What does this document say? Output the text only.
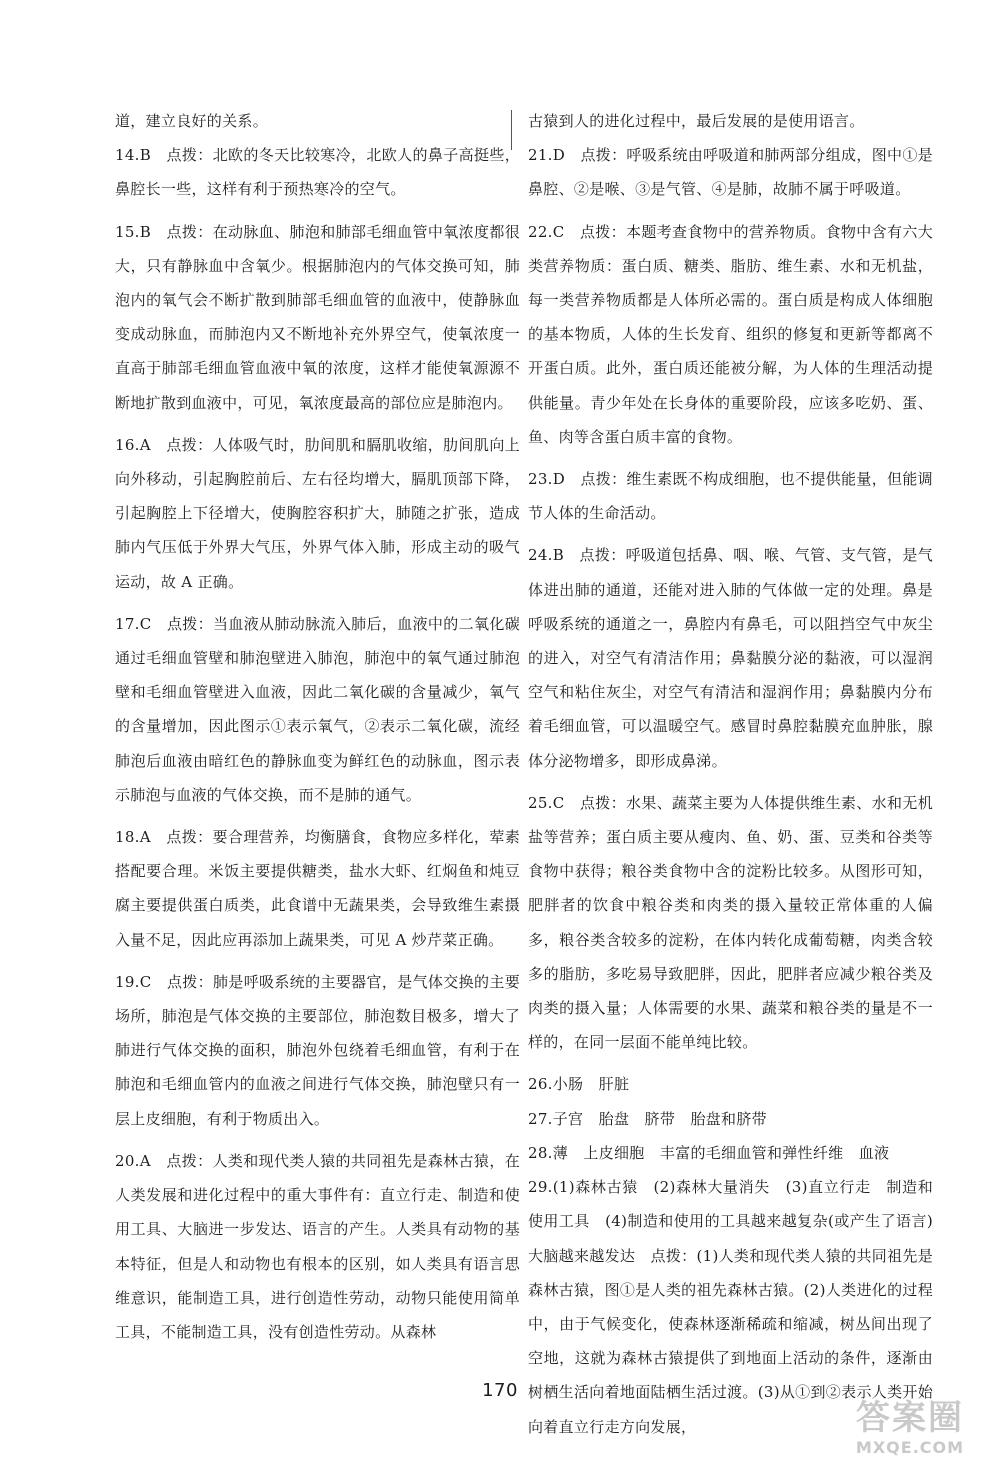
道，建立良好的关系。

14.B　点拨：北欧的冬天比较寒冷，北欧人的鼻子高挺些，鼻腔长一些，这样有利于预热寒冷的空气。

15.B　点拨：在动脉血、肺泡和肺部毛细血管中氧浓度都很大，只有静脉血中含氧少。根据肺泡内的气体交换可知，肺泡内的氧气会不断扩散到肺部毛细血管的血液中，使静脉血变成动脉血，而肺泡内又不断地补充外界空气，使氧浓度一直高于肺部毛细血管血液中氧的浓度，这样才能使氧源源不断地扩散到血液中，可见，氧浓度最高的部位应是肺泡内。

16.A　点拨：人体吸气时，肋间肌和膈肌收缩，肋间肌向上向外移动，引起胸腔前后、左右径均增大，膈肌顶部下降，引起胸腔上下径增大，使胸腔容积扩大，肺随之扩张，造成肺内气压低于外界大气压，外界气体入肺，形成主动的吸气运动，故 A 正确。

17.C　点拨：当血液从肺动脉流入肺后，血液中的二氧化碳通过毛细血管壁和肺泡壁进入肺泡，肺泡中的氧气通过肺泡壁和毛细血管壁进入血液，因此二氧化碳的含量减少，氧气的含量增加，因此图示①表示氧气，②表示二氧化碳，流经肺泡后血液由暗红色的静脉血变为鲜红色的动脉血，图示表示肺泡与血液的气体交换，而不是肺的通气。

18.A　点拨：要合理营养，均衡膳食，食物应多样化，荤素搭配要合理。米饭主要提供糖类，盐水大虾、红焖鱼和炖豆腐主要提供蛋白质类，此食谱中无蔬果类，会导致维生素摄入量不足，因此应再添加上蔬果类，可见 A 炒芹菜正确。

19.C　点拨：肺是呼吸系统的主要器官，是气体交换的主要场所，肺泡是气体交换的主要部位，肺泡数目极多，增大了肺进行气体交换的面积，肺泡外包绕着毛细血管，有利于在肺泡和毛细血管内的血液之间进行气体交换，肺泡壁只有一层上皮细胞，有利于物质出入。

20.A　点拨：人类和现代类人猿的共同祖先是森林古猿，在人类发展和进化过程中的重大事件有：直立行走、制造和使用工具、大脑进一步发达、语言的产生。人类具有动物的基本特征，但是人和动物也有根本的区别，如人类具有语言思维意识，能制造工具，进行创造性劳动，动物只能使用简单工具，不能制造工具，没有创造性劳动。从森林

古猿到人的进化过程中，最后发展的是使用语言。

21.D　点拨：呼吸系统由呼吸道和肺两部分组成，图中①是鼻腔、②是喉、③是气管、④是肺，故肺不属于呼吸道。

22.C　点拨：本题考查食物中的营养物质。食物中含有六大类营养物质：蛋白质、糖类、脂肪、维生素、水和无机盐，每一类营养物质都是人体所必需的。蛋白质是构成人体细胞的基本物质，人体的生长发育、组织的修复和更新等都离不开蛋白质。此外，蛋白质还能被分解，为人体的生理活动提供能量。青少年处在长身体的重要阶段，应该多吃奶、蛋、鱼、肉等含蛋白质丰富的食物。

23.D　点拨：维生素既不构成细胞，也不提供能量，但能调节人体的生命活动。

24.B　点拨：呼吸道包括鼻、咽、喉、气管、支气管，是气体进出肺的通道，还能对进入肺的气体做一定的处理。鼻是呼吸系统的通道之一，鼻腔内有鼻毛，可以阻挡空气中灰尘的进入，对空气有清洁作用；鼻黏膜分泌的黏液，可以湿润空气和粘住灰尘，对空气有清洁和湿润作用；鼻黏膜内分布着毛细血管，可以温暖空气。感冒时鼻腔黏膜充血肿胀，腺体分泌物增多，即形成鼻涕。

25.C　点拨：水果、蔬菜主要为人体提供维生素、水和无机盐等营养；蛋白质主要从瘦肉、鱼、奶、蛋、豆类和谷类等食物中获得；粮谷类食物中含的淀粉比较多。从图形可知，肥胖者的饮食中粮谷类和肉类的摄入量较正常体重的人偏多，粮谷类含较多的淀粉，在体内转化成葡萄糖，肉类含较多的脂肪，多吃易导致肥胖，因此，肥胖者应减少粮谷类及肉类的摄入量；人体需要的水果、蔬菜和粮谷类的量是不一样的，在同一层面不能单纯比较。

26.小肠　肝脏

27.子宫　胎盘　脐带　胎盘和脐带

28.薄　上皮细胞　丰富的毛细血管和弹性纤维　血液

29.(1)森林古猿　(2)森林大量消失　(3)直立行走　制造和使用工具　(4)制造和使用的工具越来越复杂(或产生了语言)　大脑越来越发达　点拨：(1)人类和现代类人猿的共同祖先是森林古猿，图①是人类的祖先森林古猿。(2)人类进化的过程中，由于气候变化，使森林逐渐稀疏和缩减，树丛间出现了空地，这就为森林古猿提供了到地面上活动的条件，逐渐由树栖生活向着地面陆栖生活过渡。(3)从①到②表示人类开始向着直立行走方向发展，

170
答案圈
MXQE.COM
